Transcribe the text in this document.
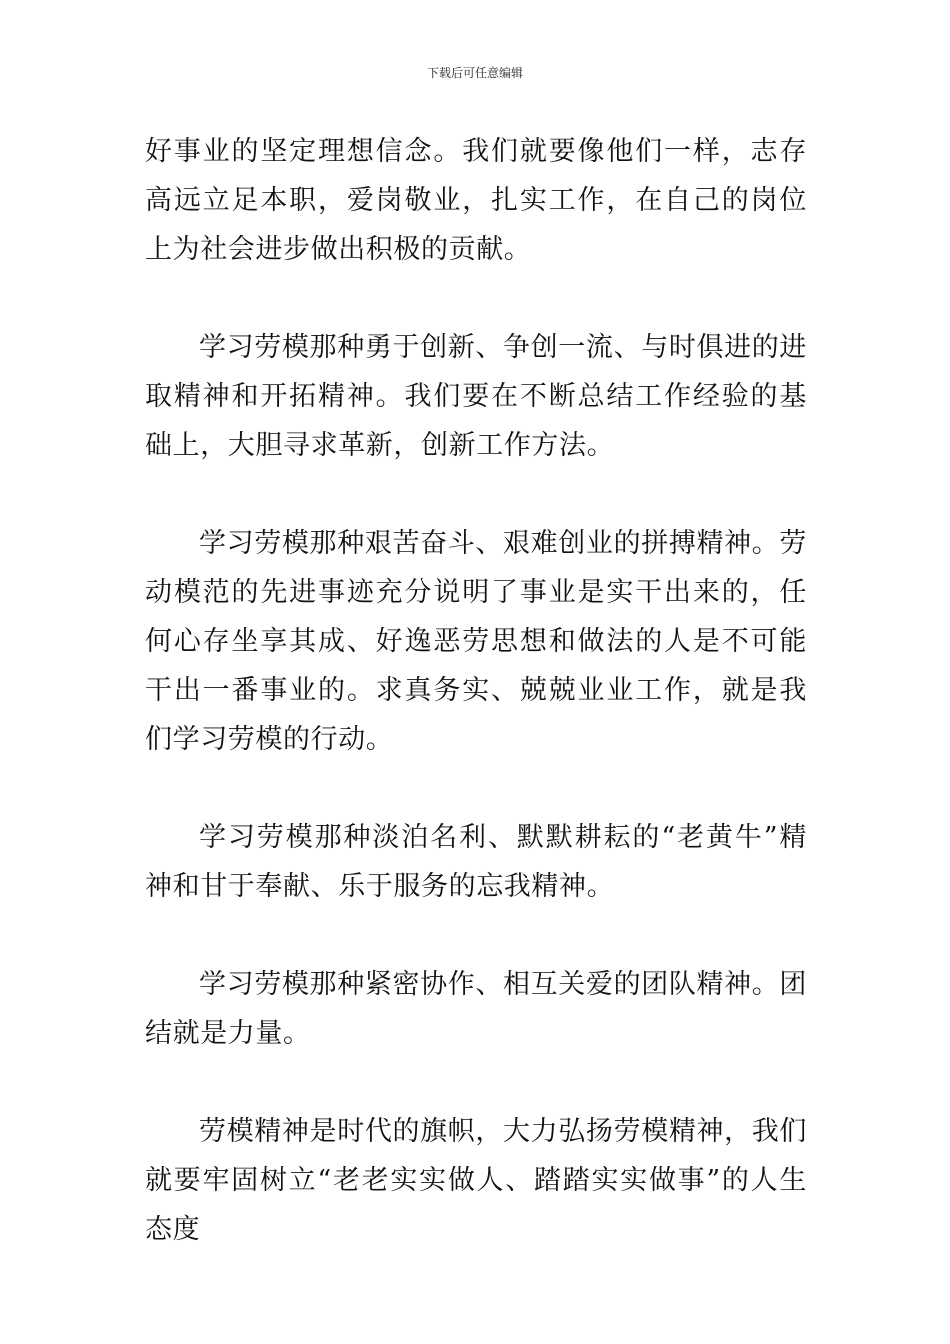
下载后可任意编辑

好事业的坚定理想信念。我们就要像他们一样，志存高远立足本职，爱岗敬业，扎实工作，在自己的岗位上为社会进步做出积极的贡献。

学习劳模那种勇于创新、争创一流、与时俱进的进取精神和开拓精神。我们要在不断总结工作经验的基础上，大胆寻求革新，创新工作方法。

学习劳模那种艰苦奋斗、艰难创业的拼搏精神。劳动模范的先进事迹充分说明了事业是实干出来的，任何心存坐享其成、好逸恶劳思想和做法的人是不可能干出一番事业的。求真务实、兢兢业业工作，就是我们学习劳模的行动。

学习劳模那种淡泊名利、默默耕耘的“老黄牛”精神和甘于奉献、乐于服务的忘我精神。

学习劳模那种紧密协作、相互关爱的团队精神。团结就是力量。

劳模精神是时代的旗帜，大力弘扬劳模精神，我们就要牢固树立“老老实实做人、踏踏实实做事”的人生态度
